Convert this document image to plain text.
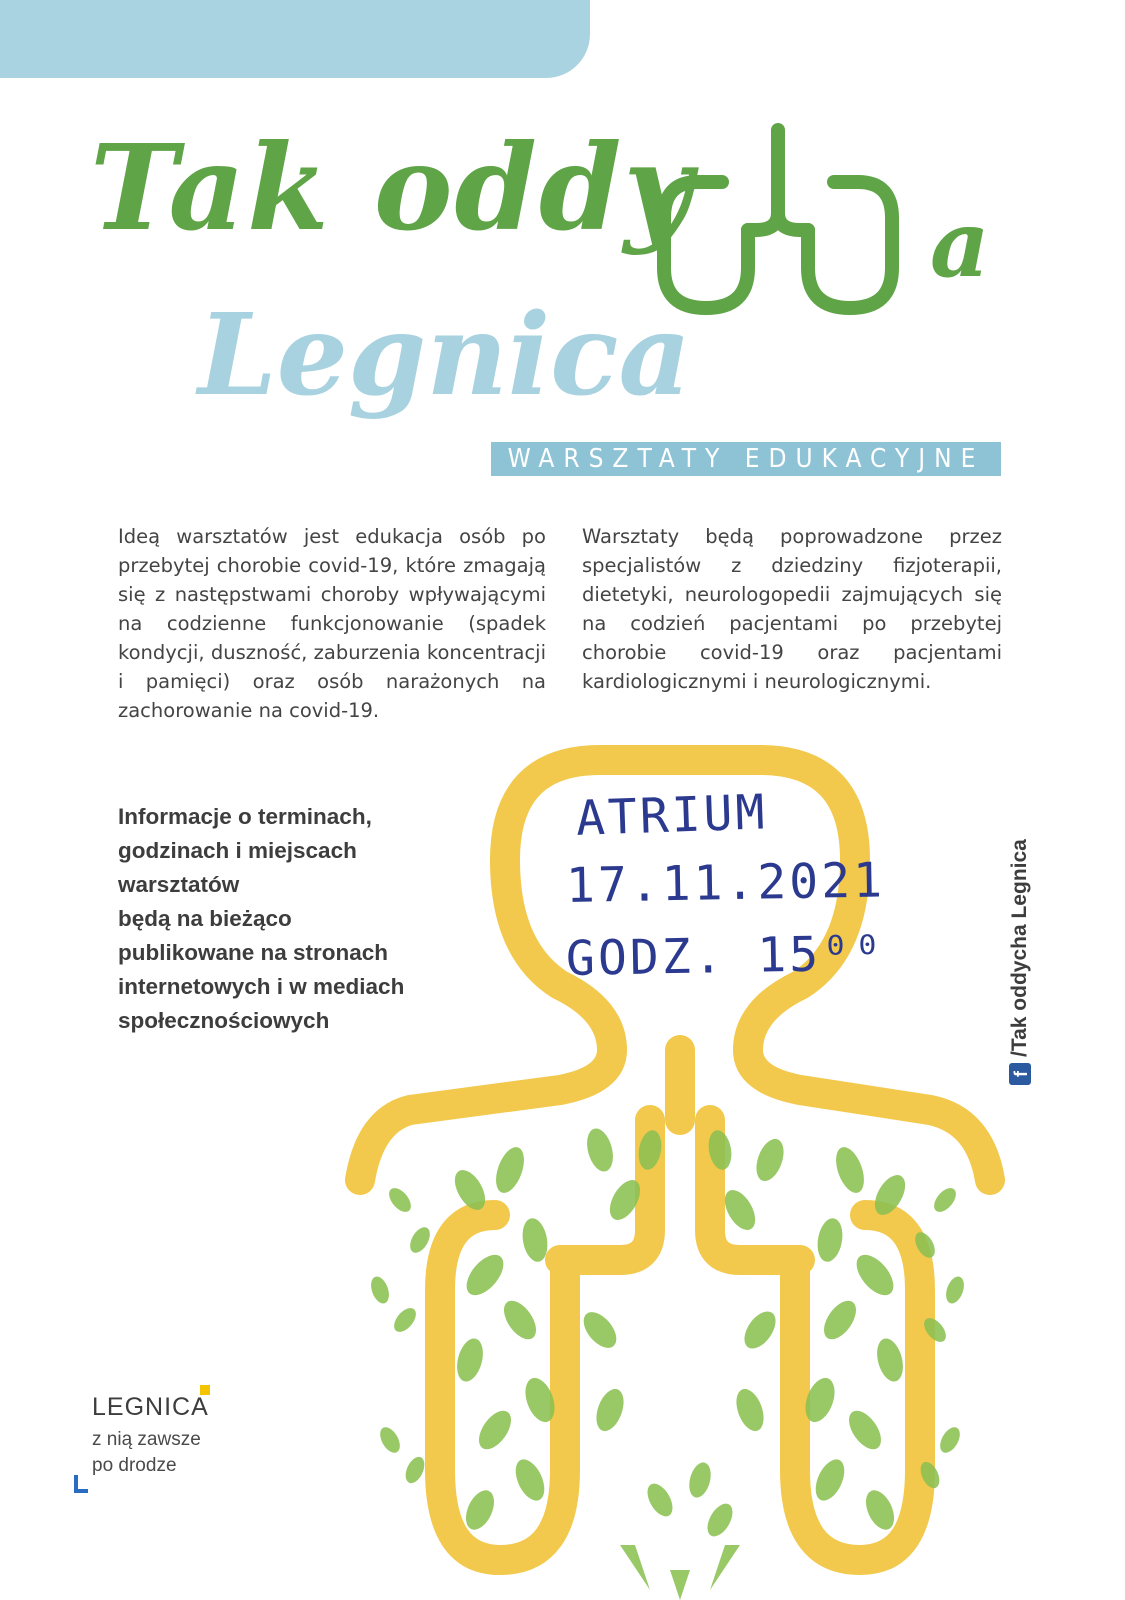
Tak oddy	a
Legnica
WARSZTATY EDUKACYJNE
Ideą warsztatów jest edukacja osób po przebytej chorobie covid-19, które zmagają się z następstwami choroby wpływającymi na codzienne funkcjonowanie (spadek kondycji, duszność, zaburzenia koncentracji i pamięci) oraz osób narażonych na zachorowanie na covid-19.
Warsztaty będą poprowadzone przez specjalistów z dziedziny fizjoterapii, dietetyki, neurologopedii zajmujących się na codzień pacjentami po przebytej chorobie covid-19 oraz pacjentami kardiologicznymi i neurologicznymi.
Informacje o terminach,
godzinach i miejscach
warsztatów
będą na bieżąco
publikowane na stronach
internetowych i w mediach
społecznościowych
ATRIUM
17.11.2021
GODZ. 15⁰⁰
f
/Tak oddycha Legnica
LEGNICA
z nią zawsze
po drodze
